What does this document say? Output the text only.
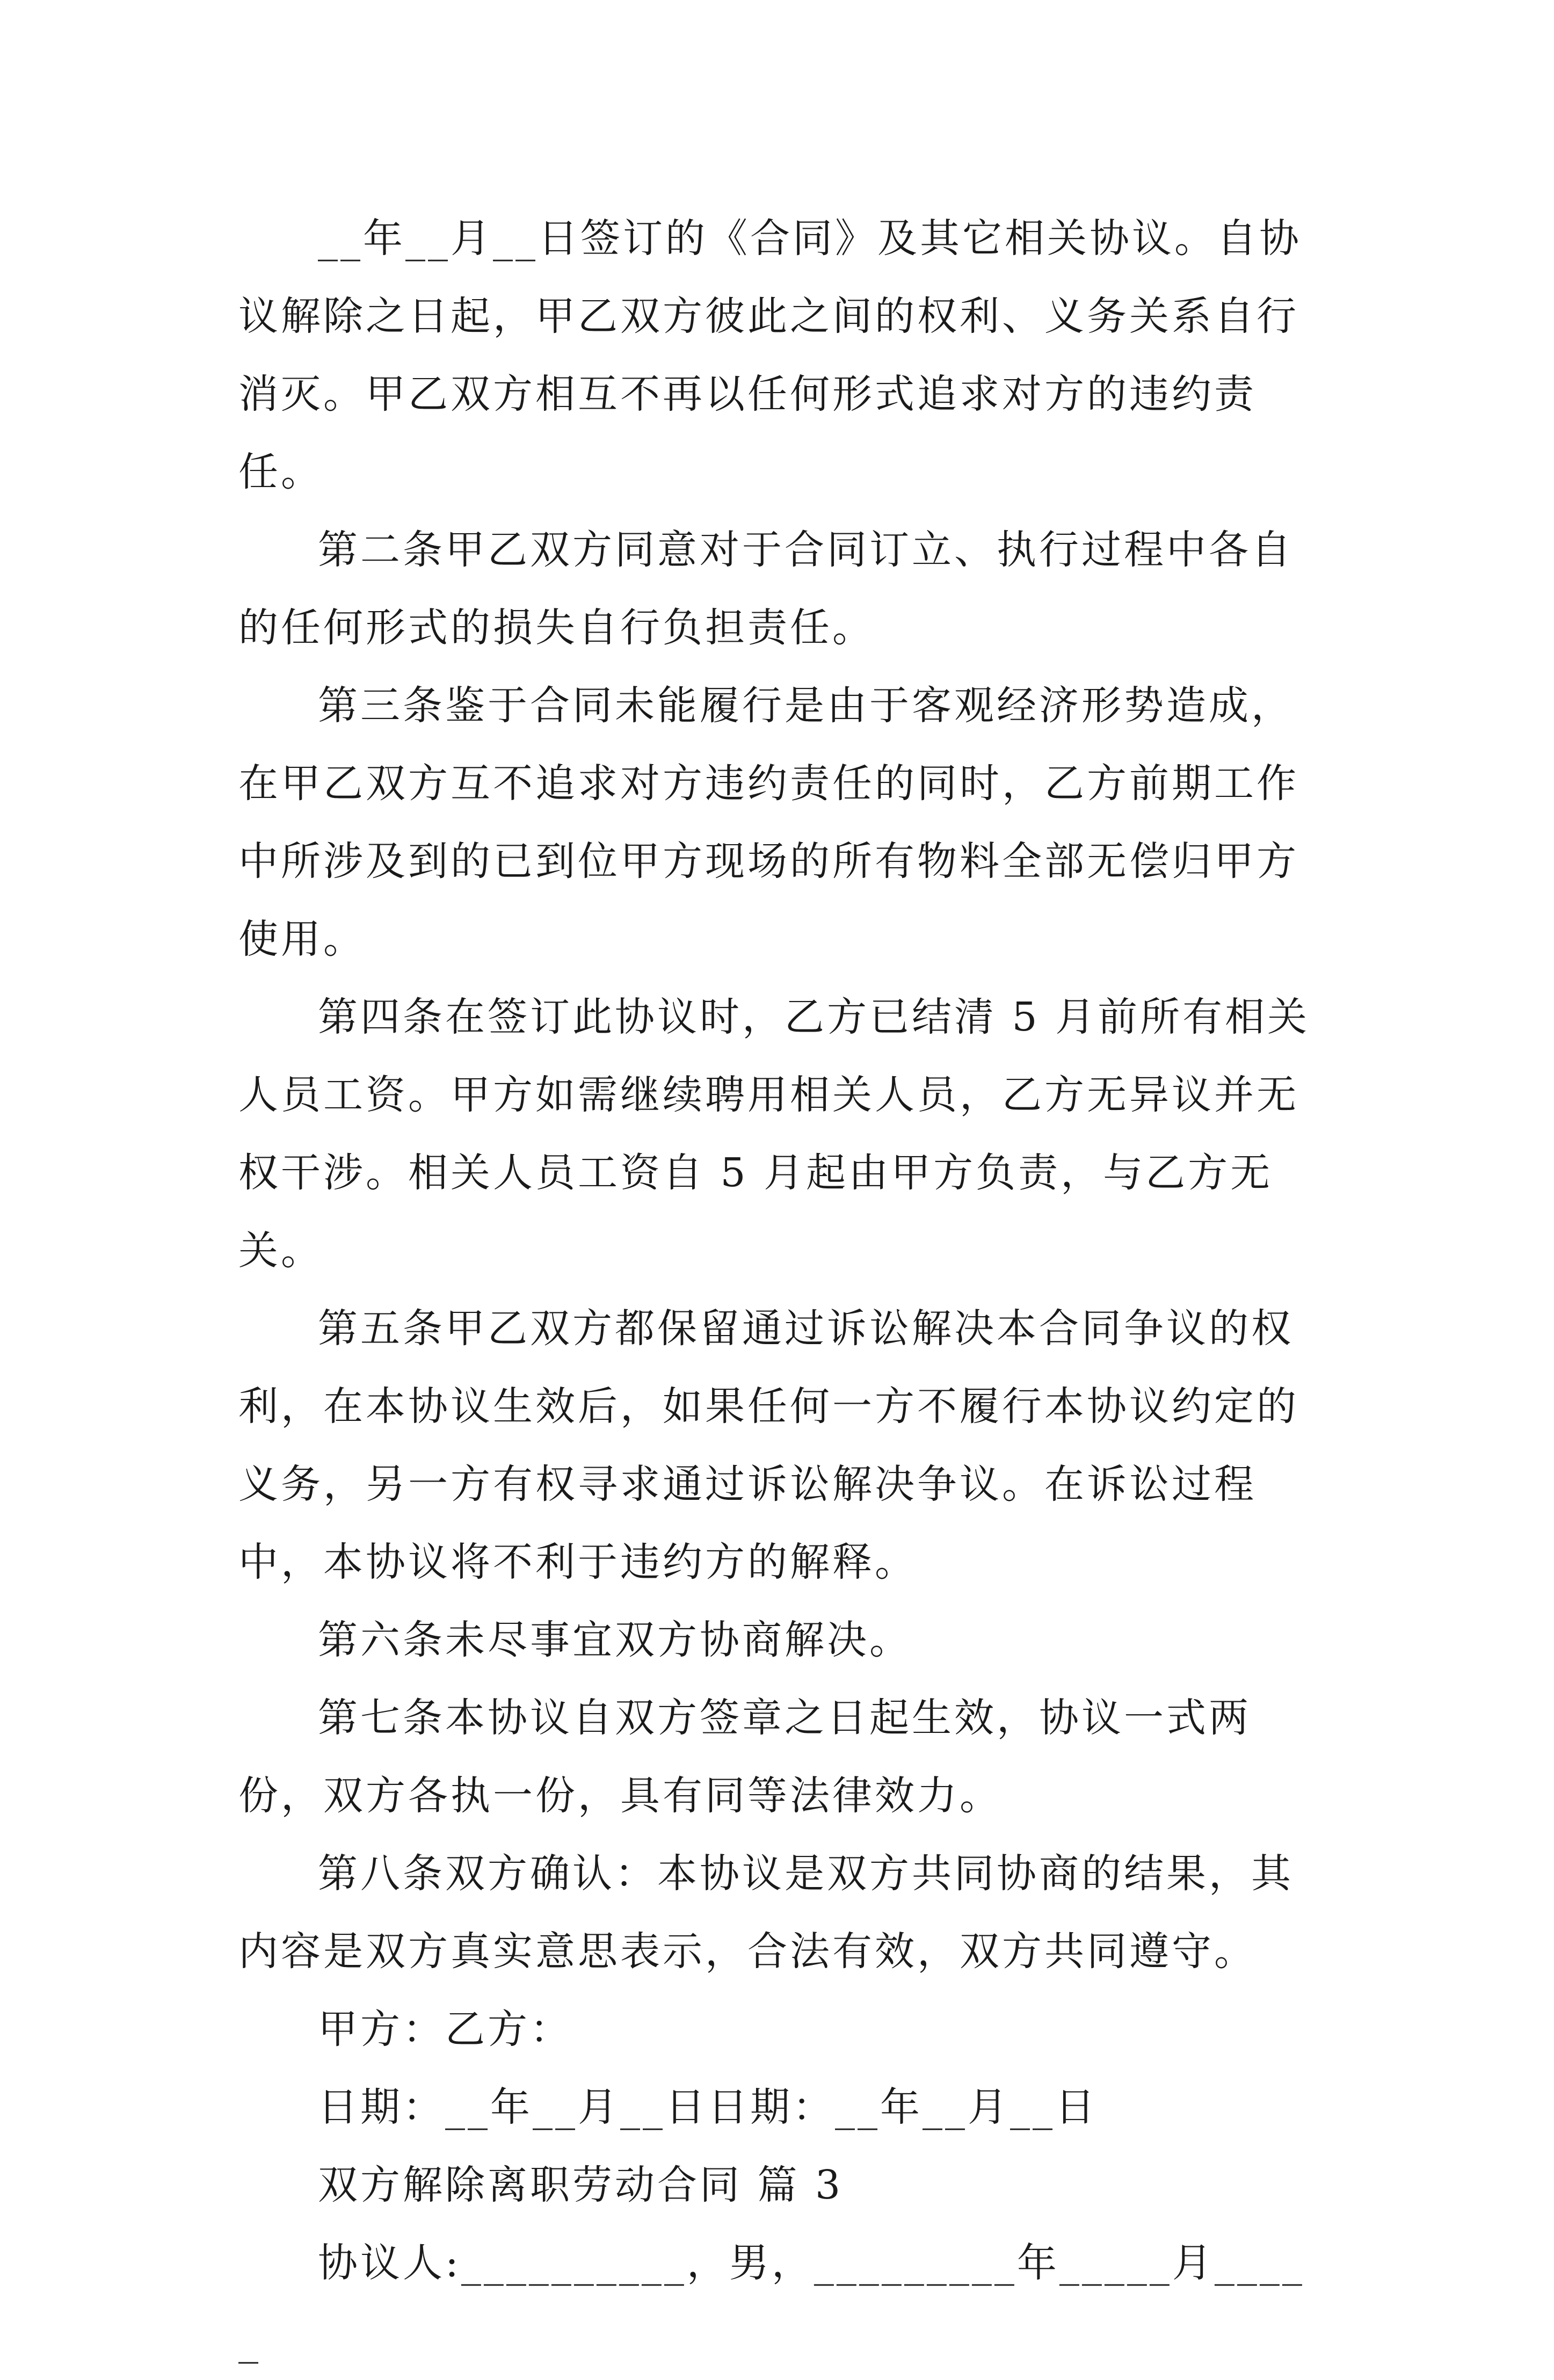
__年__月__日签订的《合同》及其它相关协议。自协议解除之日起，甲乙双方彼此之间的权利、义务关系自行消灭。甲乙双方相互不再以任何形式追求对方的违约责任。

第二条甲乙双方同意对于合同订立、执行过程中各自的任何形式的损失自行负担责任。

第三条鉴于合同未能履行是由于客观经济形势造成，在甲乙双方互不追求对方违约责任的同时，乙方前期工作中所涉及到的已到位甲方现场的所有物料全部无偿归甲方使用。

第四条在签订此协议时，乙方已结清 5 月前所有相关人员工资。甲方如需继续聘用相关人员，乙方无异议并无权干涉。相关人员工资自 5 月起由甲方负责，与乙方无关。

第五条甲乙双方都保留通过诉讼解决本合同争议的权利，在本协议生效后，如果任何一方不履行本协议约定的义务，另一方有权寻求通过诉讼解决争议。在诉讼过程中，本协议将不利于违约方的解释。

第六条未尽事宜双方协商解决。

第七条本协议自双方签章之日起生效，协议一式两份，双方各执一份，具有同等法律效力。

第八条双方确认：本协议是双方共同协商的结果，其内容是双方真实意思表示，合法有效，双方共同遵守。

甲方：乙方：

日期：__年__月__日日期：__年__月__日

双方解除离职劳动合同 篇 3

协议人:__________，男，_________年_____月_____
